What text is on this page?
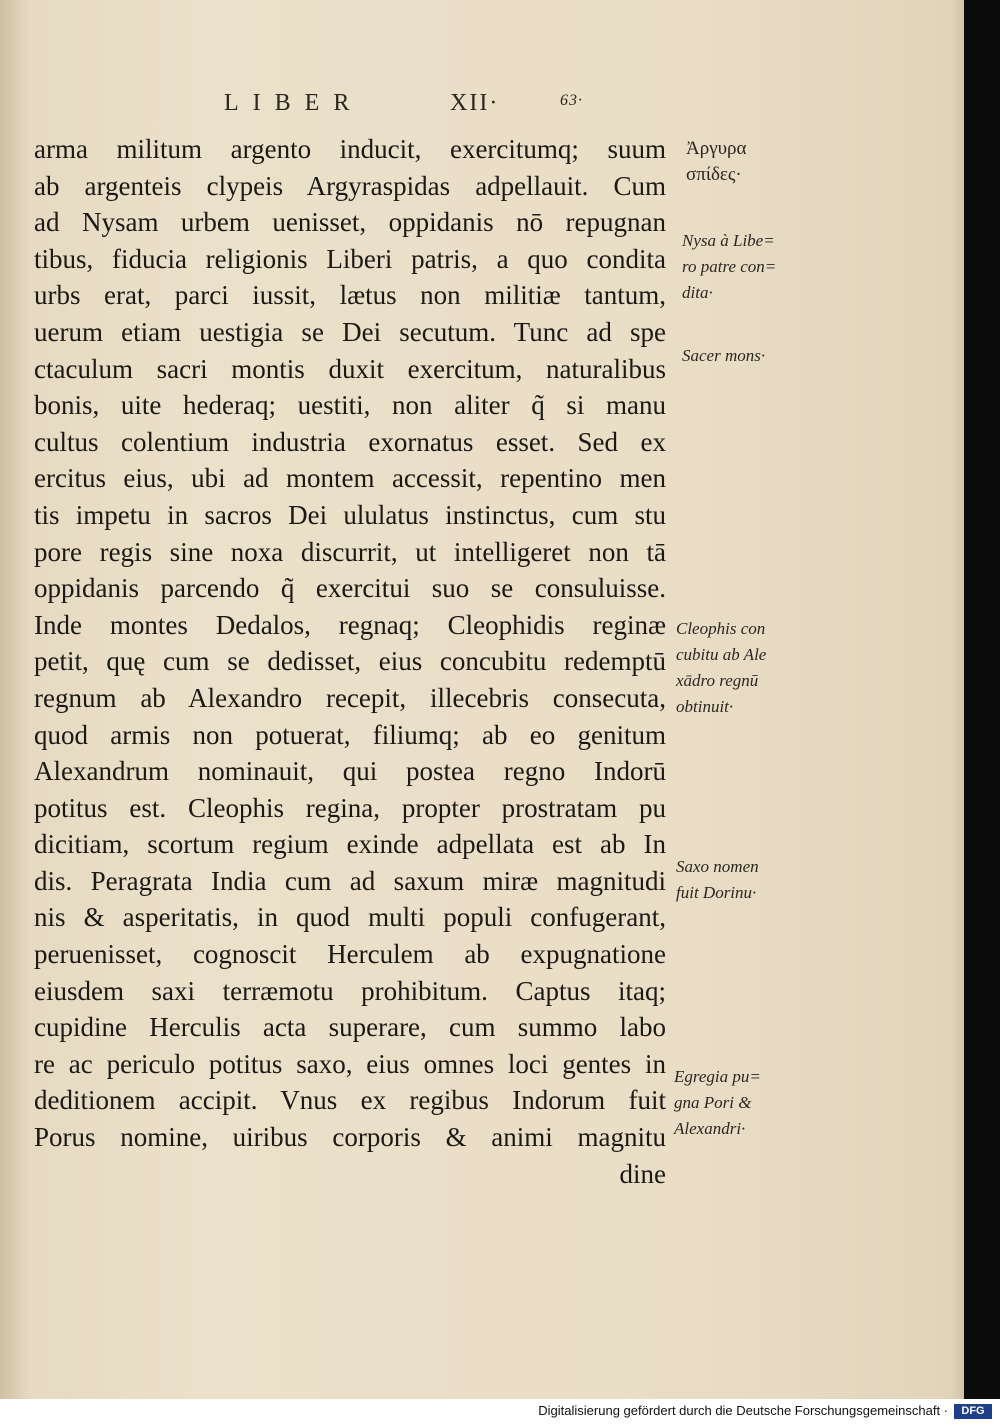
LIBER	XII·	63·
arma militum argento inducit, exercitumq; suum
ab argenteis clypeis Argyraspidas adpellauit. Cum
ad Nysam urbem uenisset, oppidanis nō repugnan
tibus, fiducia religionis Liberi patris, a quo condita
urbs erat, parci iussit, lætus non militiæ tantum,
uerum etiam uestigia se Dei secutum. Tunc ad spe
ctaculum sacri montis duxit exercitum, naturalibus
bonis, uite hederaq; uestiti, non aliter q̃ si manu
cultus colentium industria exornatus esset. Sed ex
ercitus eius, ubi ad montem accessit, repentino men
tis impetu in sacros Dei ululatus instinctus, cum stu
pore regis sine noxa discurrit, ut intelligeret non tā
oppidanis parcendo q̃ exercitui suo se consuluisse.
Inde montes Dedalos, regnaq; Cleophidis reginæ
petit, quę cum se dedisset, eius concubitu redemptū
regnum ab Alexandro recepit, illecebris consecuta,
quod armis non potuerat, filiumq; ab eo genitum
Alexandrum nominauit, qui postea regno Indorū
potitus est. Cleophis regina, propter prostratam pu
dicitiam, scortum regium exinde adpellata est ab In
dis. Peragrata India cum ad saxum miræ magnitudi
nis & asperitatis, in quod multi populi confugerant,
peruenisset, cognoscit Herculem ab expugnatione
eiusdem saxi terræmotu prohibitum. Captus itaq;
cupidine Herculis acta superare, cum summo labo
re ac periculo potitus saxo, eius omnes loci gentes in
deditionem accipit. Vnus ex regibus Indorum fuit
Porus nomine, uiribus corporis & animi magnitu
dine
Ἀργυρα
σπίδες·
Nysa à Libe=
ro patre con=
dita·
Sacer mons·
Cleophis con
cubitu ab Ale
xādro regnū
obtinuit·
Saxo nomen
fuit Dorinu·
Egregia pu=
gna Pori &
Alexandri·
Digitalisierung gefördert durch die Deutsche Forschungsgemeinschaft ·	DFG
